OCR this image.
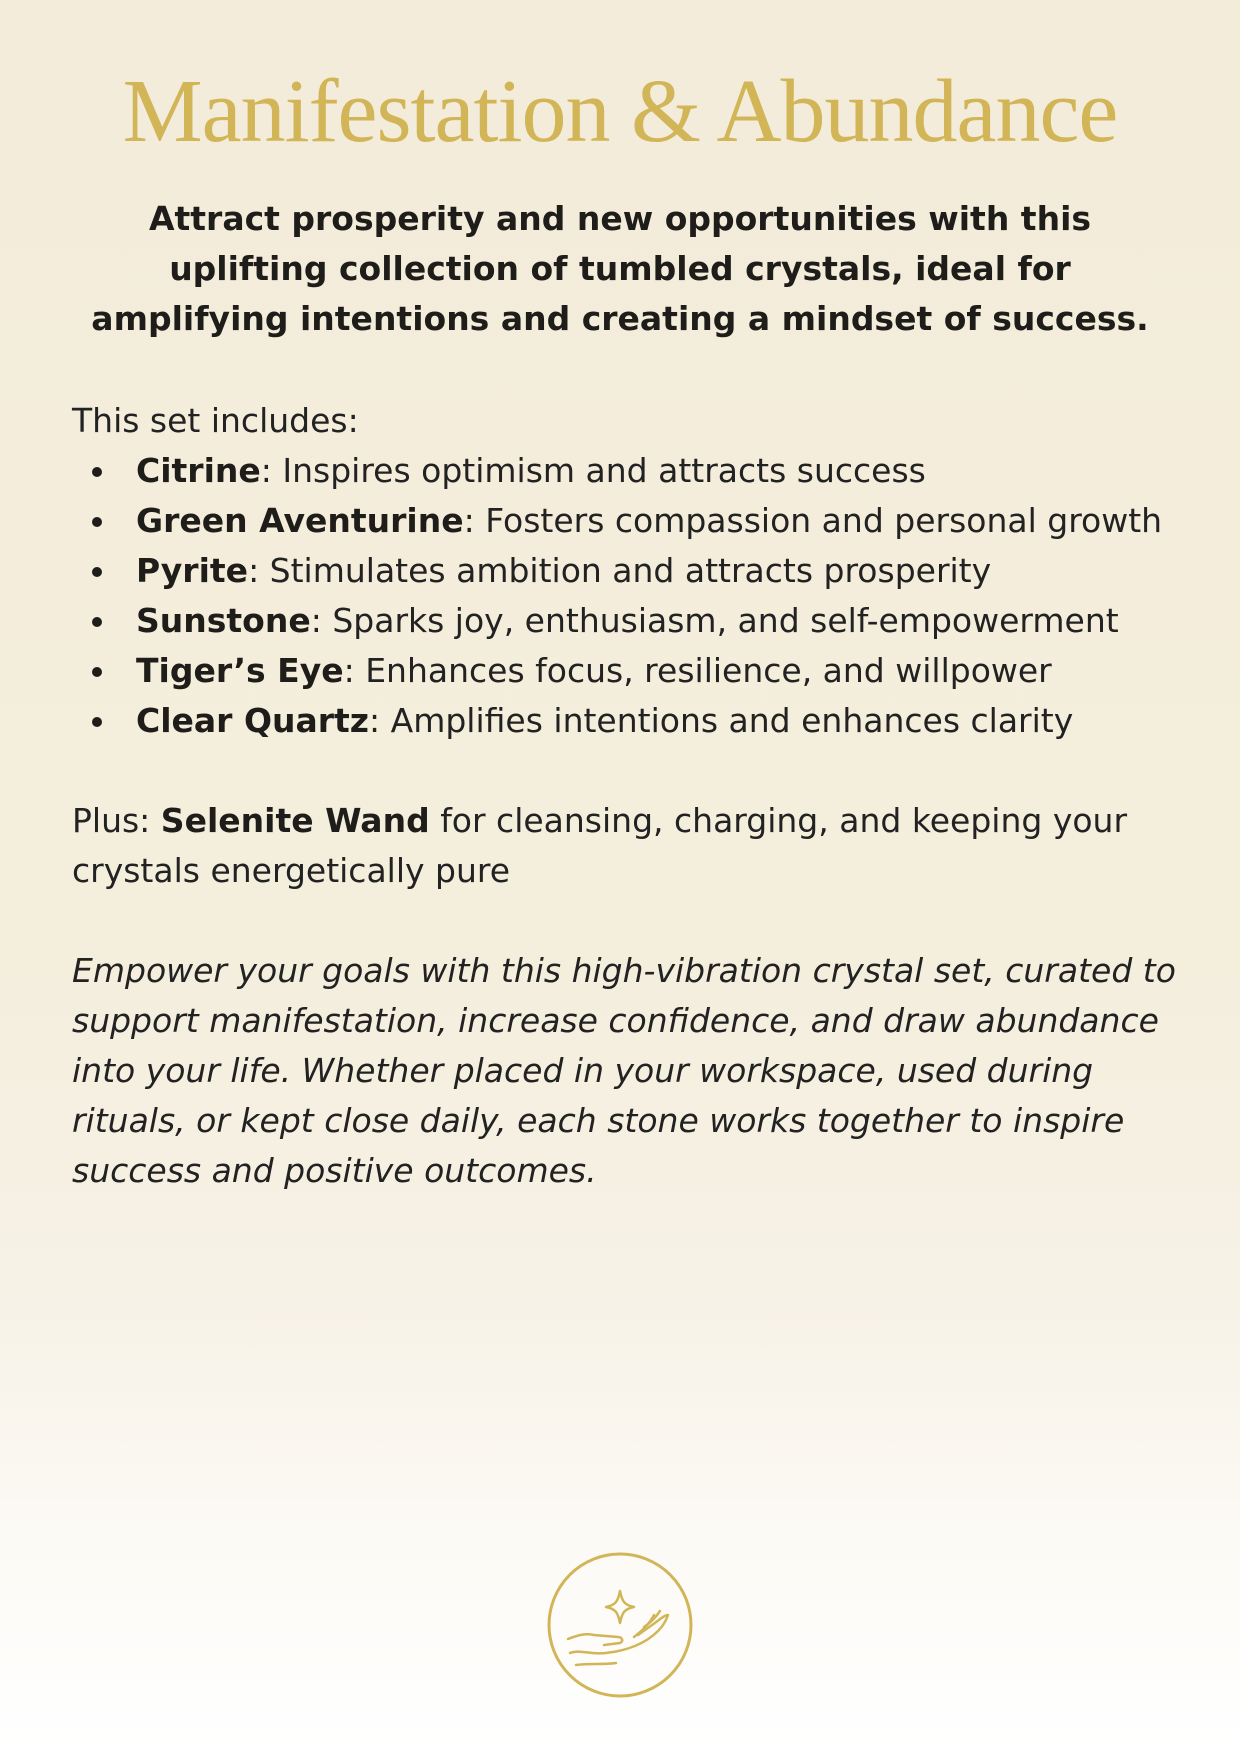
Manifestation & Abundance

Attract prosperity and new opportunities with this uplifting collection of tumbled crystals, ideal for amplifying intentions and creating a mindset of success.

This set includes:

Citrine: Inspires optimism and attracts success
Green Aventurine: Fosters compassion and personal growth
Pyrite: Stimulates ambition and attracts prosperity
Sunstone: Sparks joy, enthusiasm, and self-empowerment
Tiger’s Eye: Enhances focus, resilience, and willpower
Clear Quartz: Amplifies intentions and enhances clarity

Plus: Selenite Wand for cleansing, charging, and keeping your crystals energetically pure

Empower your goals with this high-vibration crystal set, curated to support manifestation, increase confidence, and draw abundance into your life. Whether placed in your workspace, used during rituals, or kept close daily, each stone works together to inspire success and positive outcomes.
